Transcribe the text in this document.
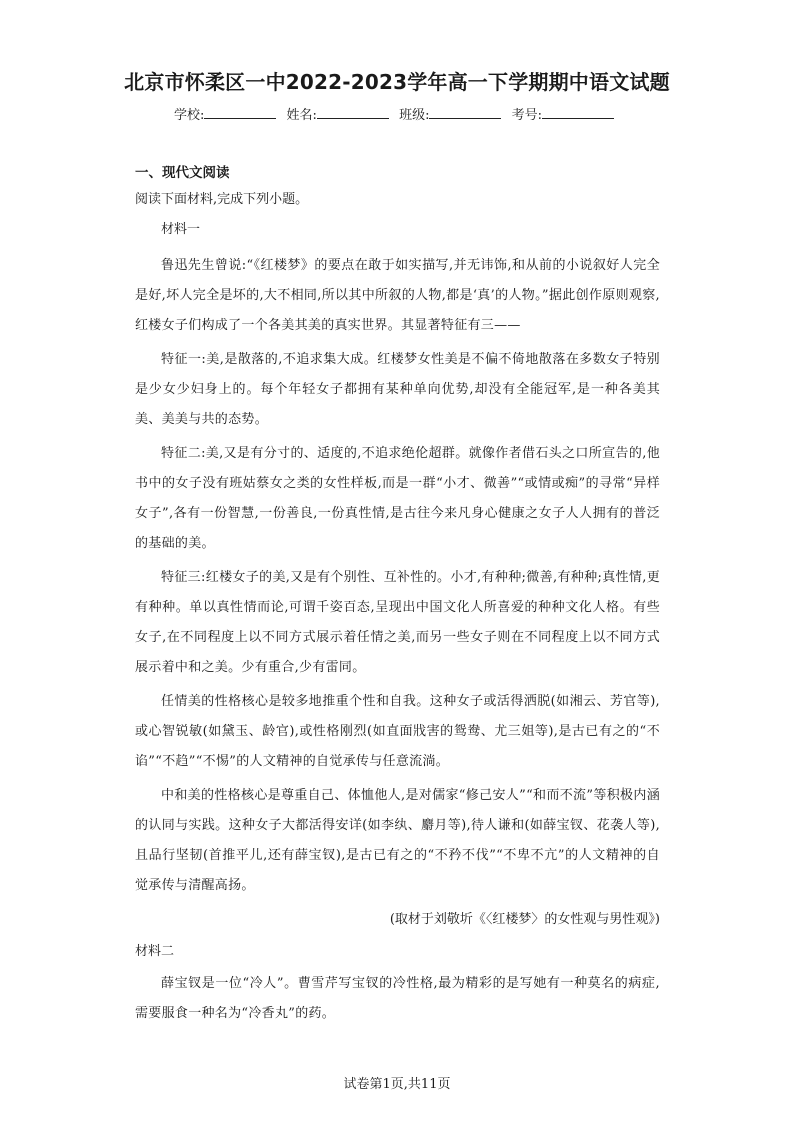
北京市怀柔区一中2022-2023学年高一下学期期中语文试题
学校:	姓名:	班级:	考号:
一、现代文阅读
阅读下面材料,完成下列小题。
材料一

鲁迅先生曾说:“《红楼梦》的要点在敢于如实描写,并无讳饰,和从前的小说叙好人完全是好,坏人完全是坏的,大不相同,所以其中所叙的人物,都是‘真’的人物。”据此创作原则观察,红楼女子们构成了一个各美其美的真实世界。其显著特征有三——

特征一:美,是散落的,不追求集大成。红楼梦女性美是不偏不倚地散落在多数女子特别是少女少妇身上的。每个年轻女子都拥有某种单向优势,却没有全能冠军,是一种各美其美、美美与共的态势。

特征二:美,又是有分寸的、适度的,不追求绝伦超群。就像作者借石头之口所宣告的,他书中的女子没有班姑蔡女之类的女性样板,而是一群“小才、微善”“或情或痴”的寻常“异样女子”,各有一份智慧,一份善良,一份真性情,是古往今来凡身心健康之女子人人拥有的普泛的基础的美。

特征三:红楼女子的美,又是有个别性、互补性的。小才,有种种;微善,有种种;真性情,更有种种。单以真性情而论,可谓千姿百态,呈现出中国文化人所喜爱的种种文化人格。有些女子,在不同程度上以不同方式展示着任情之美,而另一些女子则在不同程度上以不同方式展示着中和之美。少有重合,少有雷同。

任情美的性格核心是较多地推重个性和自我。这种女子或活得洒脱(如湘云、芳官等),或心智锐敏(如黛玉、龄官),或性格刚烈(如直面戕害的鸳鸯、尤三姐等),是古已有之的“不谄”“不趋”“不惕”的人文精神的自觉承传与任意流淌。

中和美的性格核心是尊重自己、体恤他人,是对儒家“修己安人”“和而不流”等积极内涵的认同与实践。这种女子大都活得安详(如李纨、麝月等),待人谦和(如薛宝钗、花袭人等),且品行坚韧(首推平儿,还有薛宝钗),是古已有之的“不矜不伐”“不卑不亢”的人文精神的自觉承传与清醒高扬。

(取材于刘敬圻《〈红楼梦〉的女性观与男性观》)
材料二

薛宝钗是一位“冷人”。曹雪芹写宝钗的冷性格,最为精彩的是写她有一种莫名的病症,需要服食一种名为“冷香丸”的药。

试卷第1页,共11页
